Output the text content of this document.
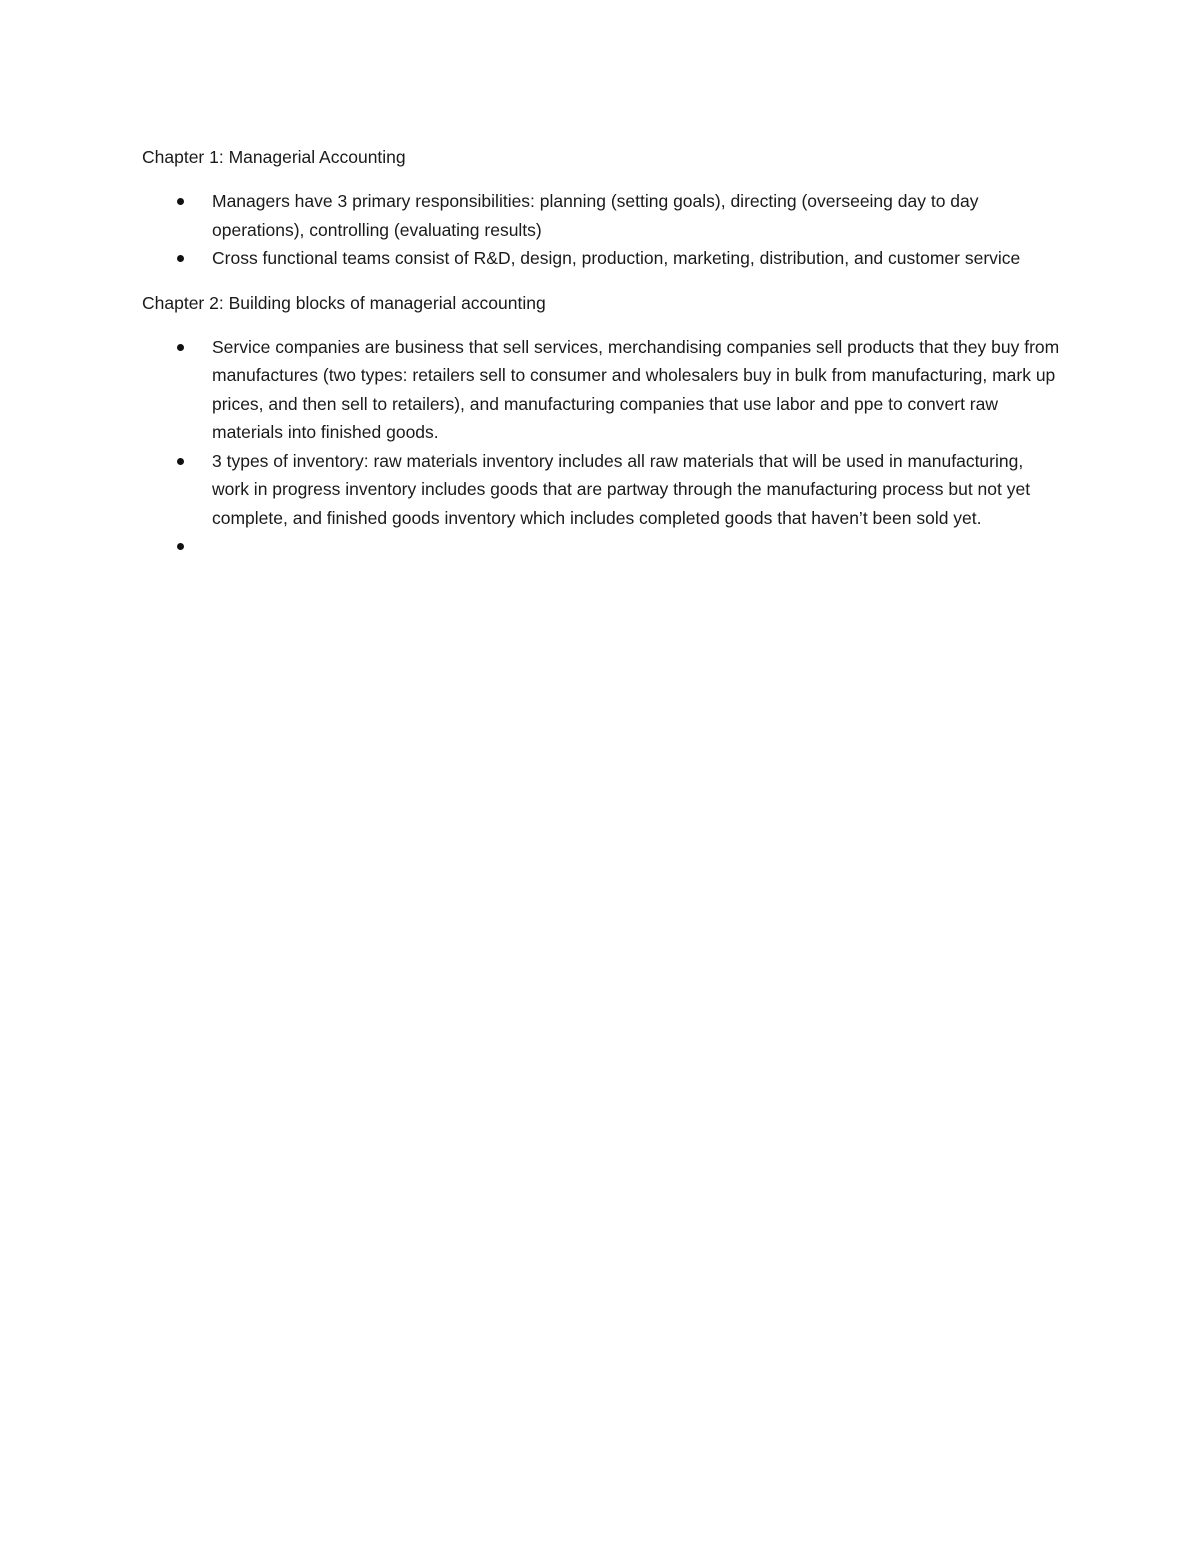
Chapter 1: Managerial Accounting

Managers have 3 primary responsibilities: planning (setting goals), directing (overseeing day to day operations), controlling (evaluating results)
Cross functional teams consist of R&D, design, production, marketing, distribution, and customer service

Chapter 2: Building blocks of managerial accounting

Service companies are business that sell services, merchandising companies sell products that they buy from manufactures (two types: retailers sell to consumer and wholesalers buy in bulk from manufacturing, mark up prices, and then sell to retailers), and manufacturing companies that use labor and ppe to convert raw materials into finished goods.
3 types of inventory: raw materials inventory includes all raw materials that will be used in manufacturing, work in progress inventory includes goods that are partway through the manufacturing process but not yet complete, and finished goods inventory which includes completed goods that haven’t been sold yet.
